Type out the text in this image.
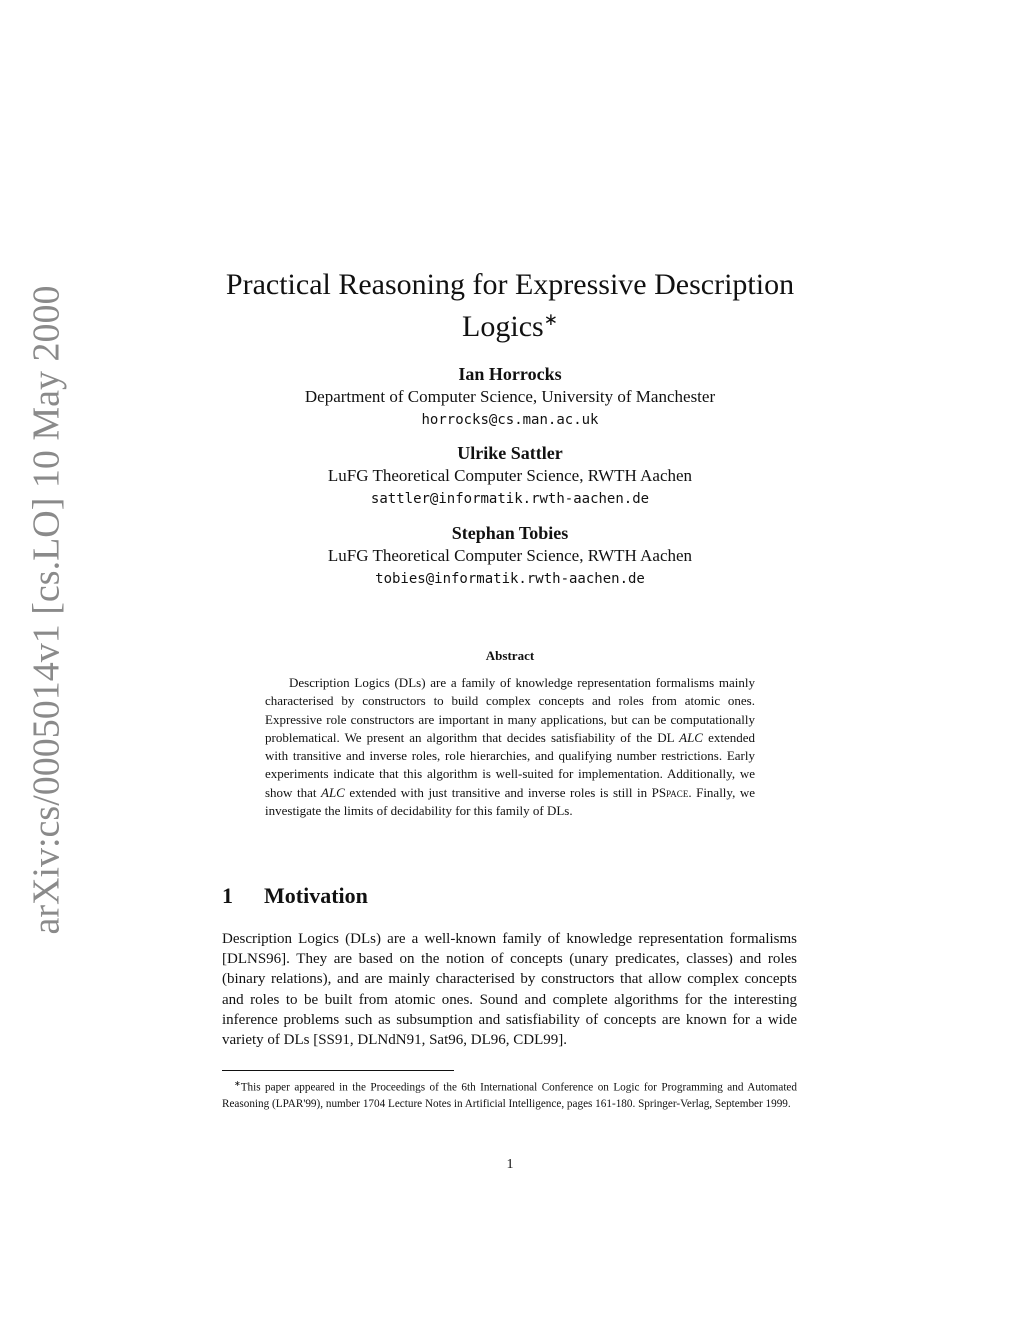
arXiv:cs/0005014v1 [cs.LO] 10 May 2000
Practical Reasoning for Expressive Description Logics∗
Ian Horrocks
Department of Computer Science, University of Manchester
horrocks@cs.man.ac.uk
Ulrike Sattler
LuFG Theoretical Computer Science, RWTH Aachen
sattler@informatik.rwth-aachen.de
Stephan Tobies
LuFG Theoretical Computer Science, RWTH Aachen
tobies@informatik.rwth-aachen.de
Abstract

Description Logics (DLs) are a family of knowledge representation formalisms mainly characterised by constructors to build complex concepts and roles from atomic ones. Expressive role constructors are important in many applications, but can be computationally problematical. We present an algorithm that decides satisfiability of the DL ALC extended with transitive and inverse roles, role hierarchies, and qualifying number restrictions. Early experiments indicate that this algorithm is well-suited for implementation. Additionally, we show that ALC extended with just transitive and inverse roles is still in PSpace. Finally, we investigate the limits of decidability for this family of DLs.

1 Motivation

Description Logics (DLs) are a well-known family of knowledge representation formalisms [DLNS96]. They are based on the notion of concepts (unary predicates, classes) and roles (binary relations), and are mainly characterised by constructors that allow complex concepts and roles to be built from atomic ones. Sound and complete algorithms for the interesting inference problems such as subsumption and satisfiability of concepts are known for a wide variety of DLs [SS91, DLNdN91, Sat96, DL96, CDL99].

∗This paper appeared in the Proceedings of the 6th International Conference on Logic for Programming and Automated Reasoning (LPAR'99), number 1704 Lecture Notes in Artificial Intelligence, pages 161-180. Springer-Verlag, September 1999.

1
